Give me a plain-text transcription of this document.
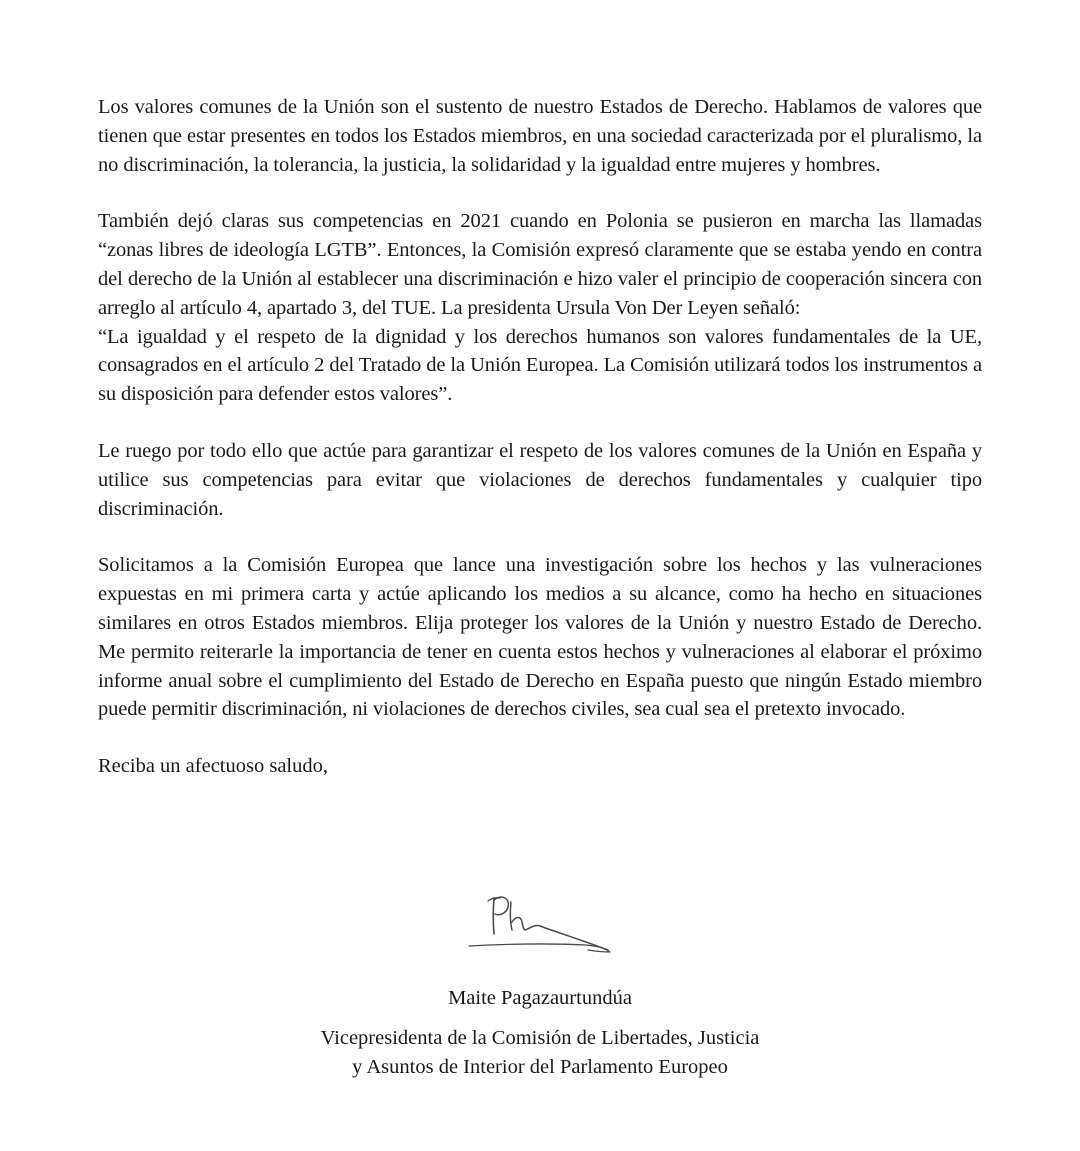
Los valores comunes de la Unión son el sustento de nuestro Estados de Derecho. Hablamos de valores que tienen que estar presentes en todos los Estados miembros, en una sociedad caracterizada por el pluralismo, la no discriminación, la tolerancia, la justicia, la solidaridad y la igualdad entre mujeres y hombres.

También dejó claras sus competencias en 2021 cuando en Polonia se pusieron en marcha las llamadas “zonas libres de ideología LGTB”. Entonces, la Comisión expresó claramente que se estaba yendo en contra del derecho de la Unión al establecer una discriminación e hizo valer el principio de cooperación sincera con arreglo al artículo 4, apartado 3, del TUE. La presidenta Ursula Von Der Leyen señaló:

“La igualdad y el respeto de la dignidad y los derechos humanos son valores fundamentales de la UE, consagrados en el artículo 2 del Tratado de la Unión Europea. La Comisión utilizará todos los instrumentos a su disposición para defender estos valores”.

Le ruego por todo ello que actúe para garantizar el respeto de los valores comunes de la Unión en España y utilice sus competencias para evitar que violaciones de derechos fundamentales y cualquier tipo discriminación.

Solicitamos a la Comisión Europea que lance una investigación sobre los hechos y las vulneraciones expuestas en mi primera carta y actúe aplicando los medios a su alcance, como ha hecho en situaciones similares en otros Estados miembros. Elija proteger los valores de la Unión y nuestro Estado de Derecho. Me permito reiterarle la importancia de tener en cuenta estos hechos y vulneraciones al elaborar el próximo informe anual sobre el cumplimiento del Estado de Derecho en España puesto que ningún Estado miembro puede permitir discriminación, ni violaciones de derechos civiles, sea cual sea el pretexto invocado.

Reciba un afectuoso saludo,

Maite Pagazaurtundúa
Vicepresidenta de la Comisión de Libertades, Justicia
y Asuntos de Interior del Parlamento Europeo
